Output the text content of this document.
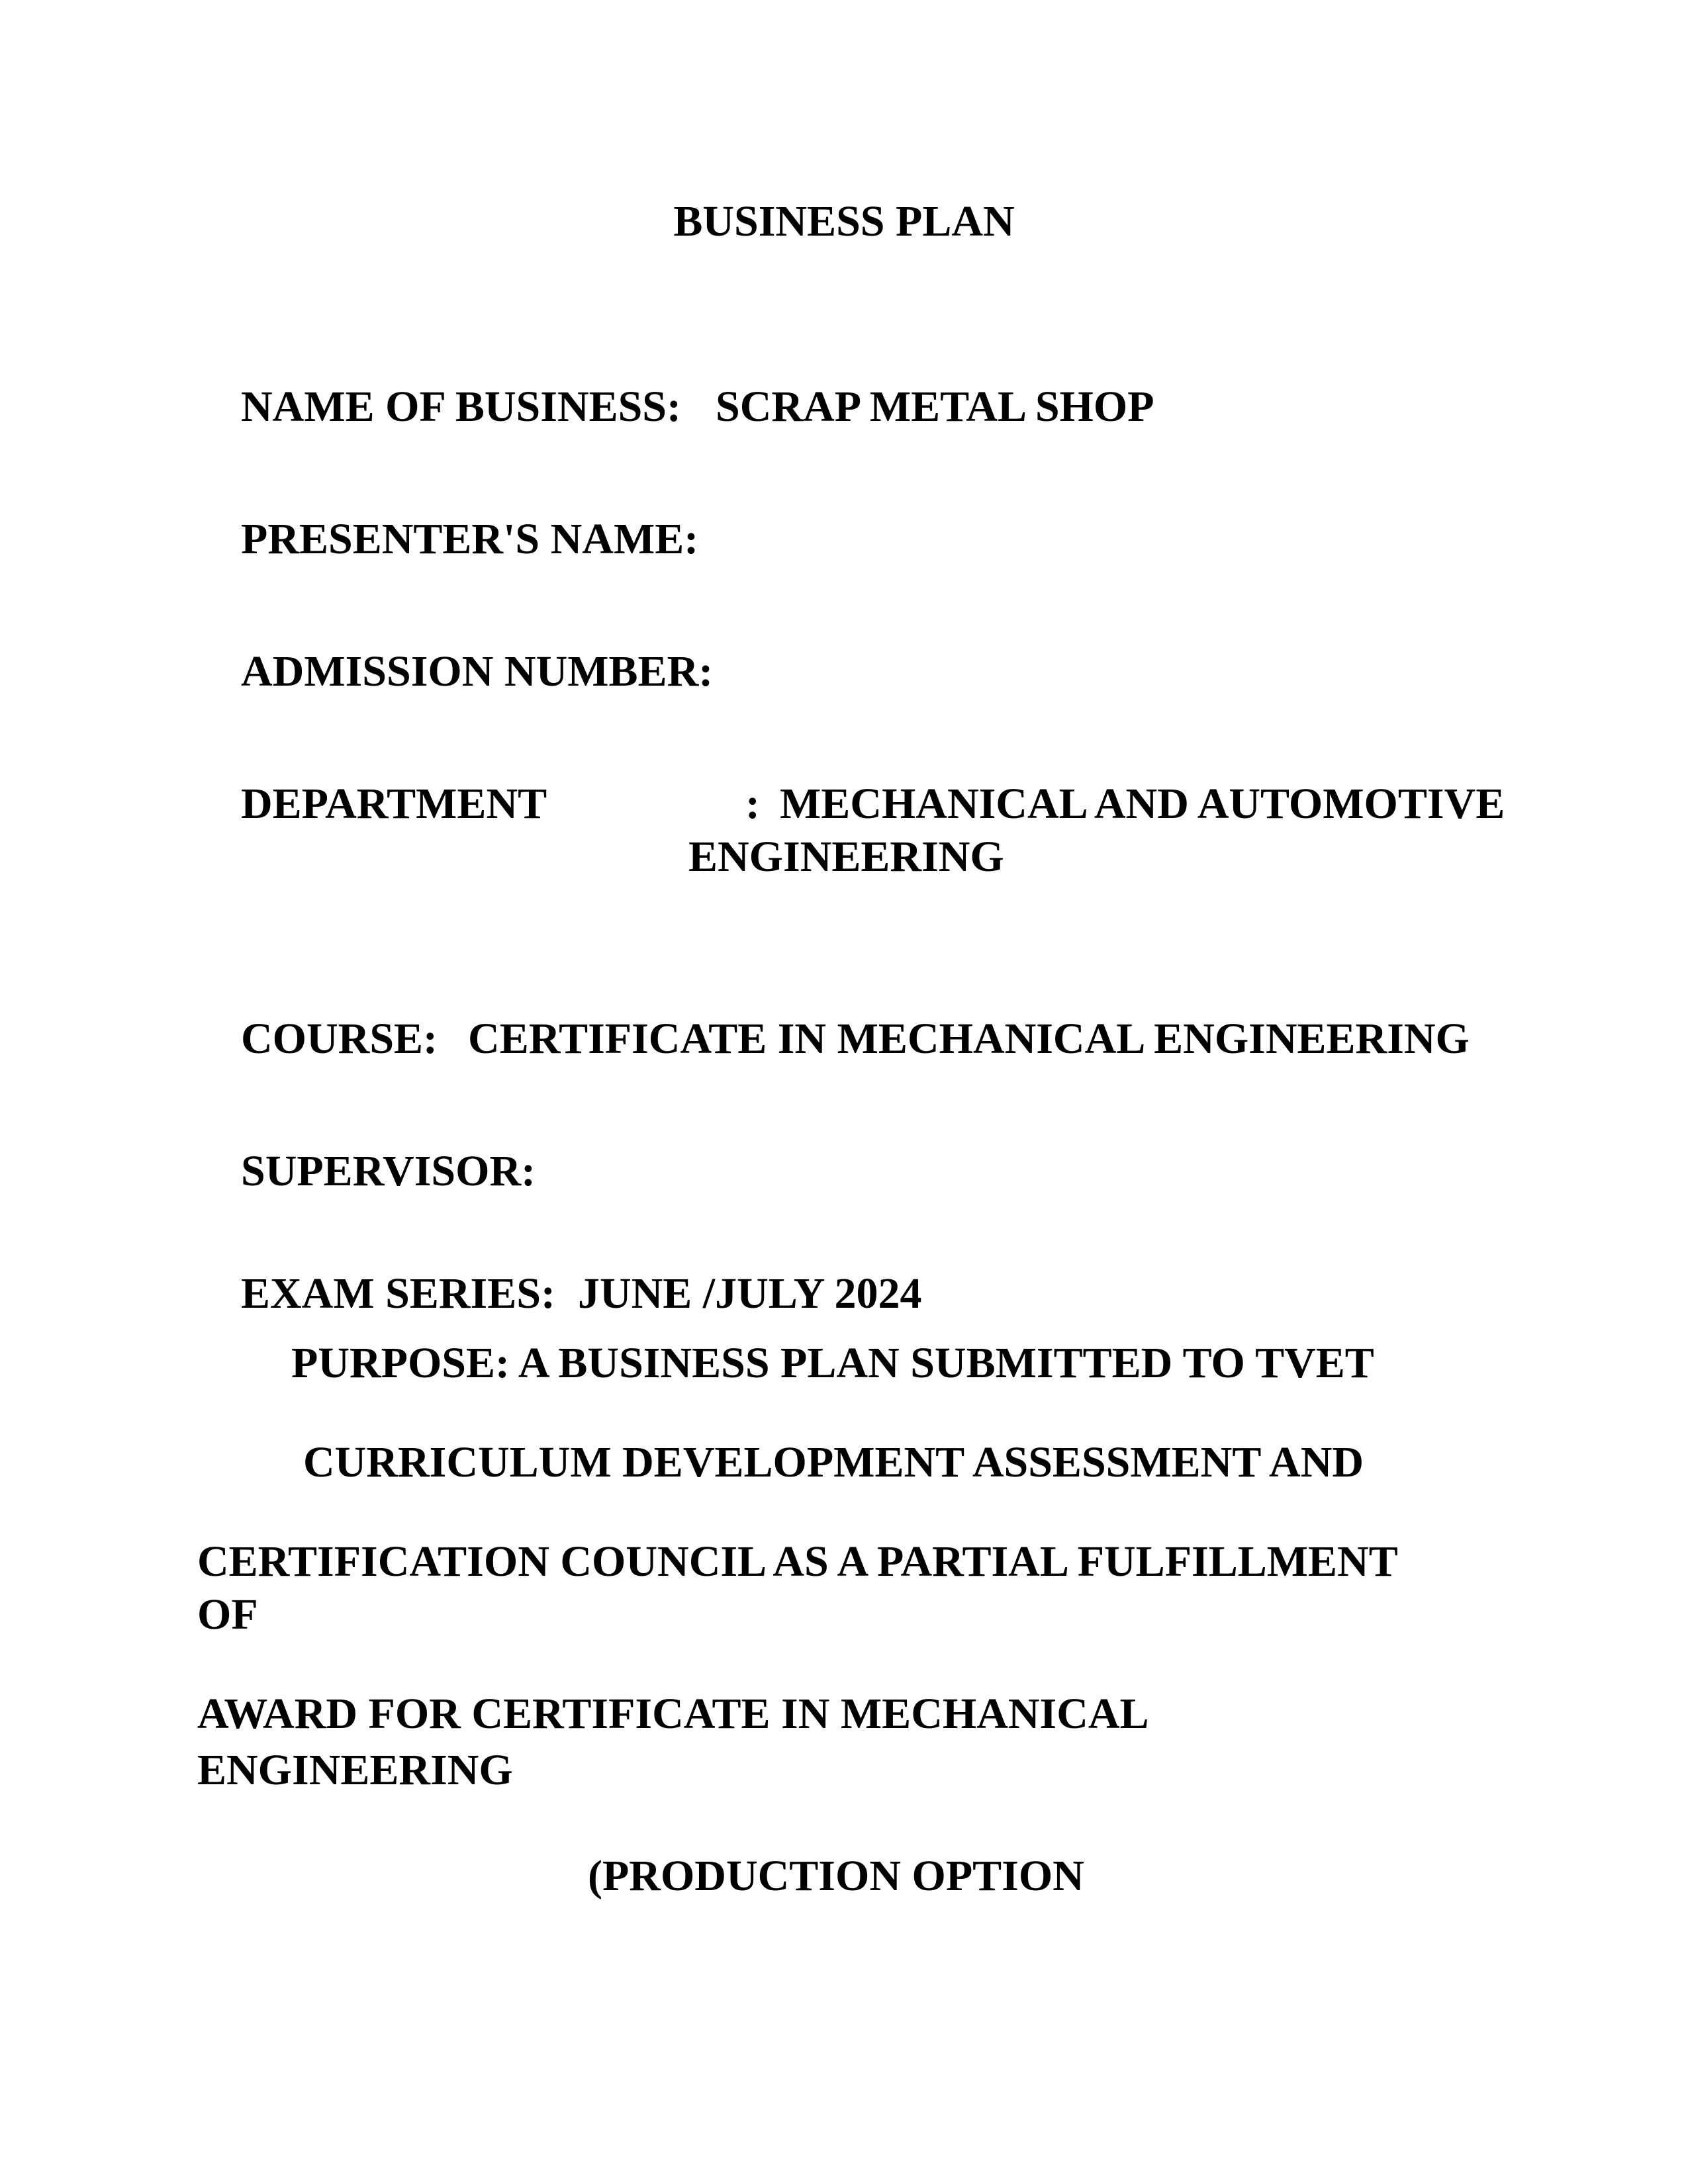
BUSINESS PLAN

NAME OF BUSINESS: SCRAP METAL SHOP

PRESENTER'S NAME:

ADMISSION NUMBER:

DEPARTMENT
	: MECHANICAL AND AUTOMOTIVE

ENGINEERING

COURSE: CERTIFICATE IN MECHANICAL ENGINEERING

SUPERVISOR:

EXAM SERIES: JUNE /JULY 2024

PURPOSE: A BUSINESS PLAN SUBMITTED TO TVET
CURRICULUM DEVELOPMENT ASSESSMENT AND
CERTIFICATION COUNCIL AS A PARTIAL FULFILLMENT
OF
AWARD FOR CERTIFICATE IN MECHANICAL
ENGINEERING
(PRODUCTION OPTION
